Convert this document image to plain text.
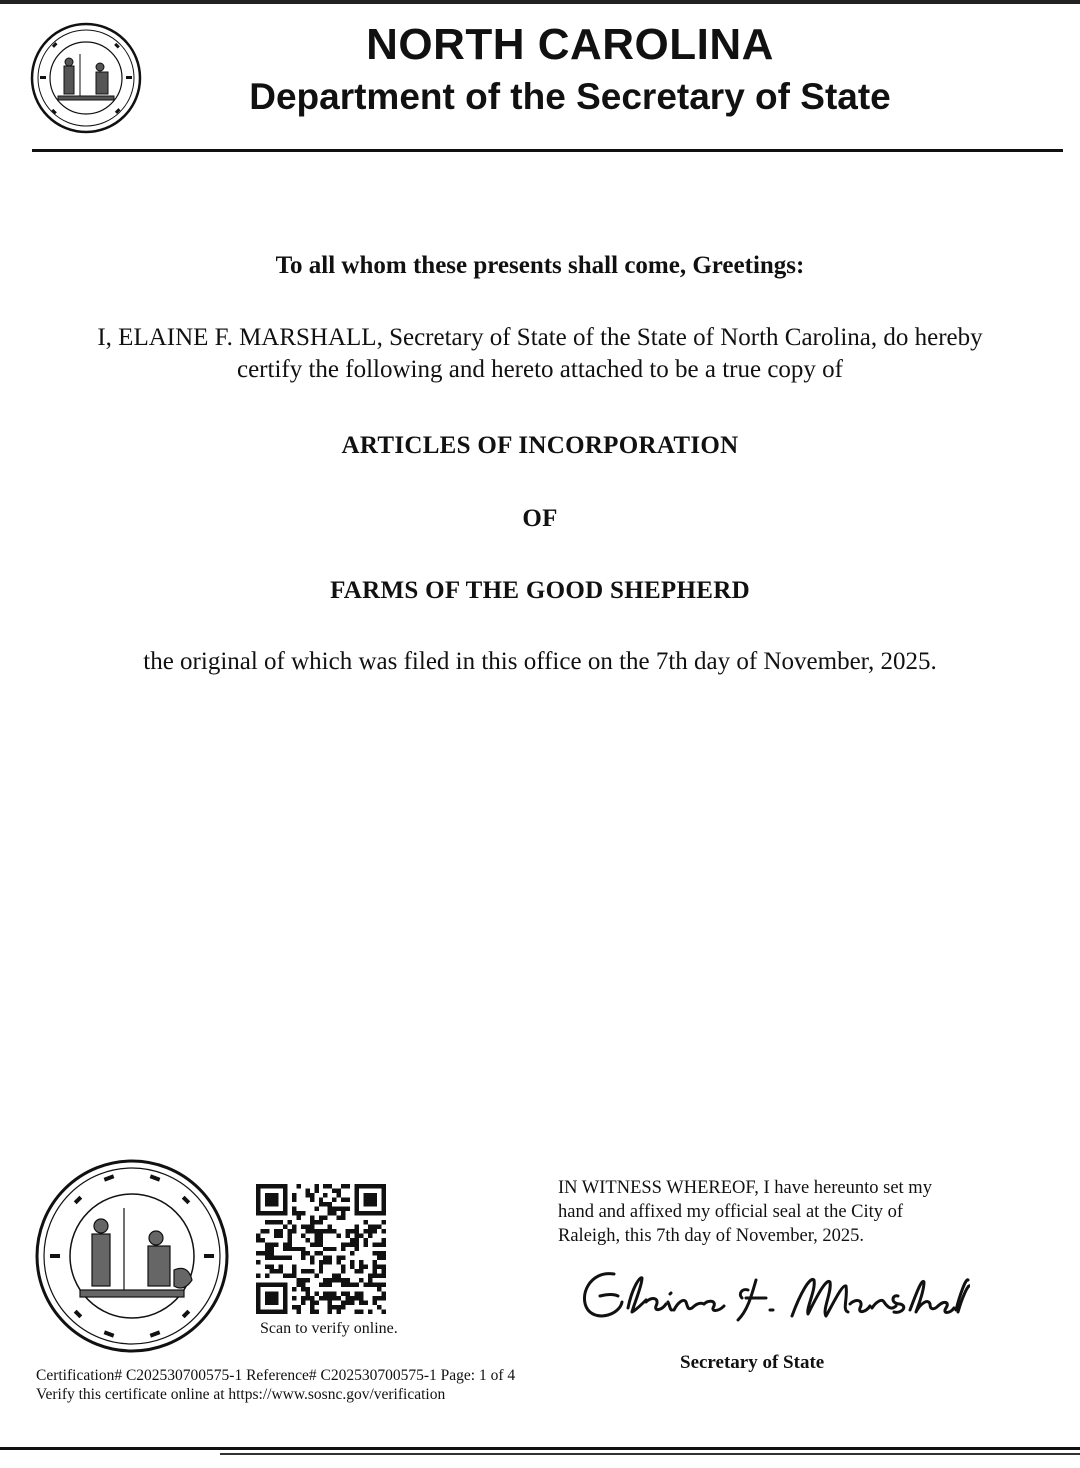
NORTH CAROLINA
Department of the Secretary of State
To all whom these presents shall come, Greetings:
I, ELAINE F. MARSHALL, Secretary of State of the State of North Carolina, do hereby
certify the following and hereto attached to be a true copy of
ARTICLES OF INCORPORATION
OF
FARMS OF THE GOOD SHEPHERD
the original of which was filed in this office on the 7th day of November, 2025.
Scan to verify online.
IN WITNESS WHEREOF, I have hereunto set my
hand and affixed my official seal at the City of
Raleigh, this 7th day of November, 2025.
Secretary of State
Certification# C202530700575-1 Reference# C202530700575-1 Page: 1 of 4
Verify this certificate online at https://www.sosnc.gov/verification
